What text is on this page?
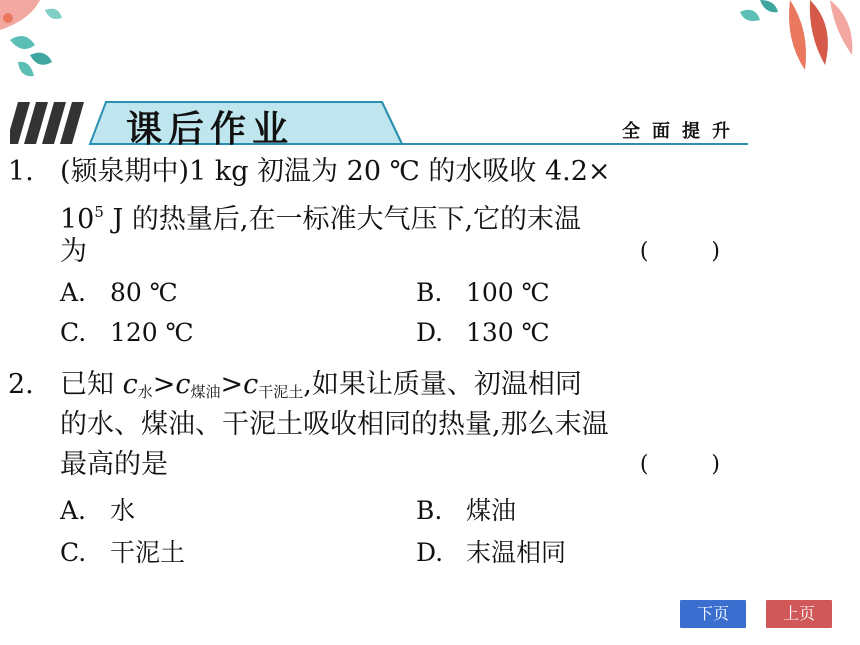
课后作业	全面提升
1. (颍泉期中)1 kg 初温为 20 ℃ 的水吸收 4.2×
$10^5$ J 的热量后,在一标准大气压下,它的末温
为	( )
A. 80 ℃	B. 100 ℃
C. 120 ℃	D. 130 ℃
2. 已知 $c_水>c_{煤油}>c_{干泥土}$,如果让质量、初温相同
的水、煤油、干泥土吸收相同的热量,那么末温
最高的是	( )
A. 水	B. 煤油
C. 干泥土	D. 末温相同
下页	上页
